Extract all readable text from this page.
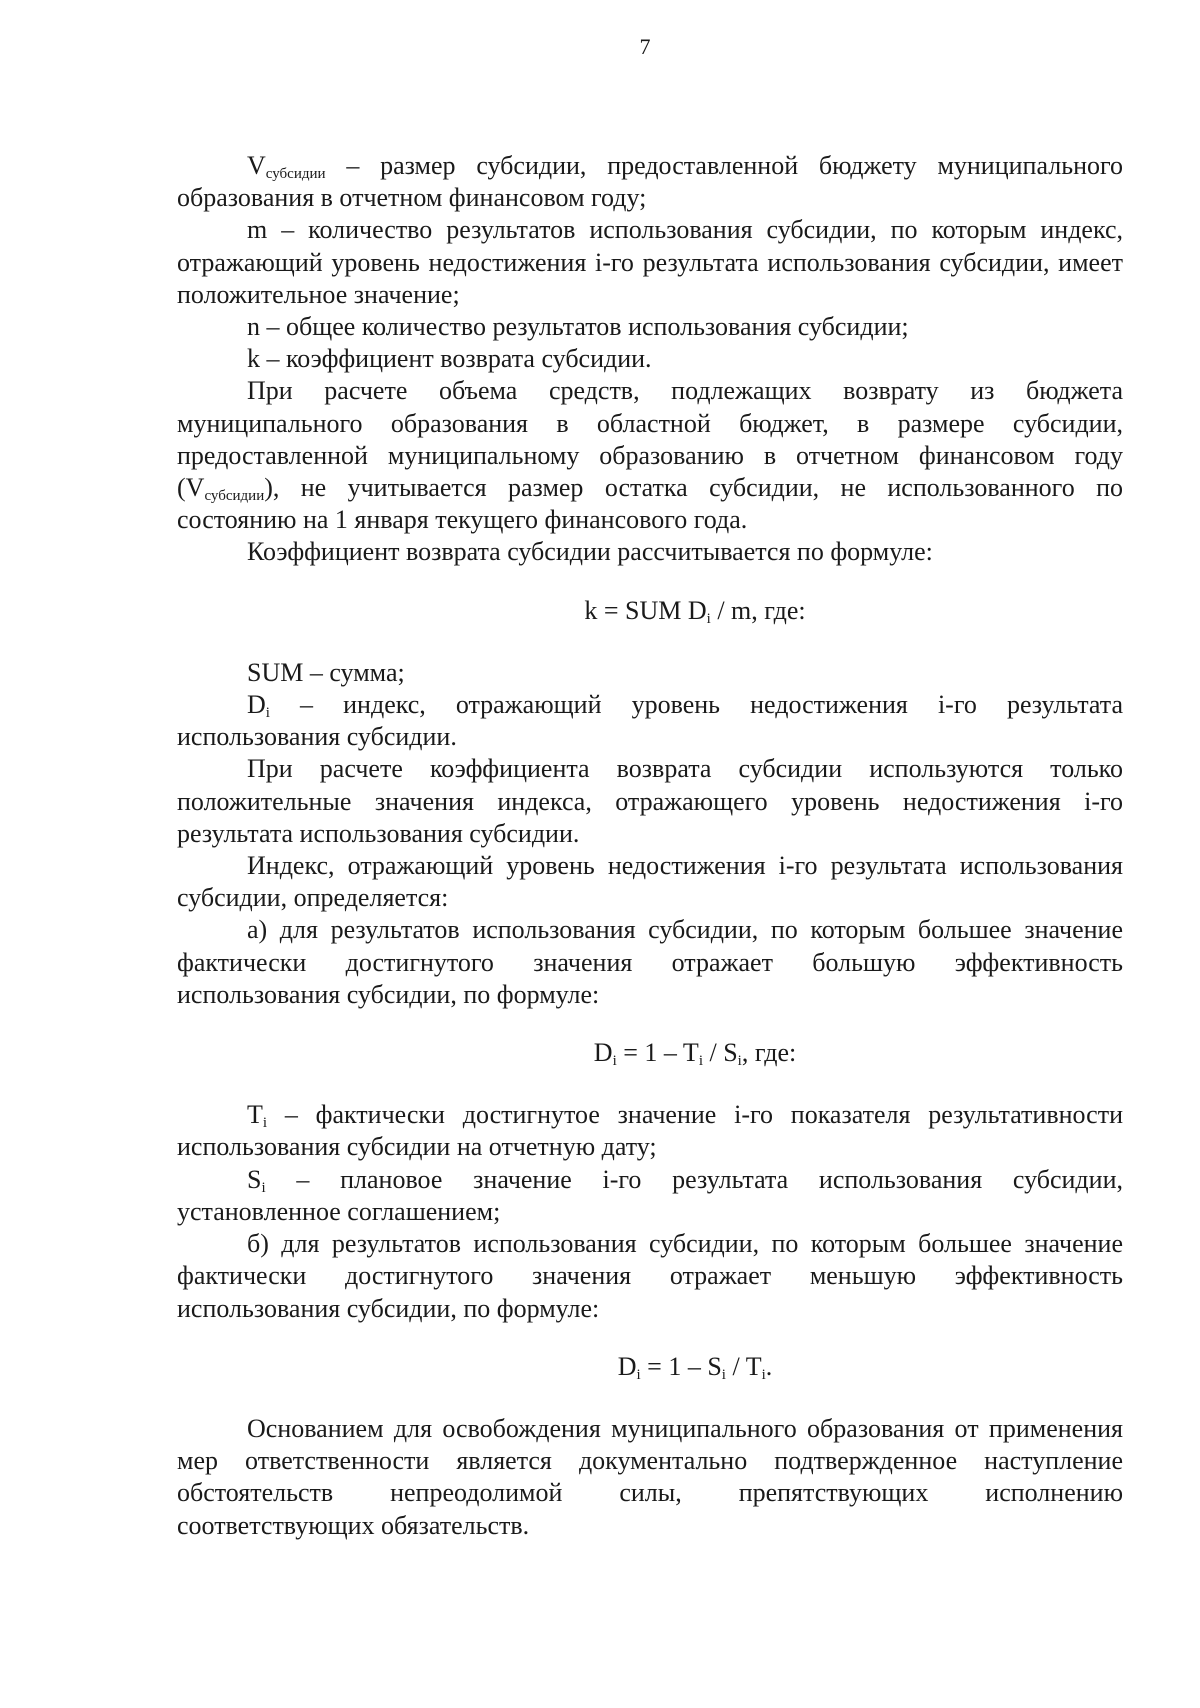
7

$V_{субсидии}$ – размер субсидии, предоставленной бюджету муниципального образования в отчетном финансовом году;

m – количество результатов использования субсидии, по которым индекс, отражающий уровень недостижения i-го результата использования субсидии, имеет положительное значение;

n – общее количество результатов использования субсидии;

k – коэффициент возврата субсидии.

При расчете объема средств, подлежащих возврату из бюджета муниципального образования в областной бюджет, в размере субсидии, предоставленной муниципальному образованию в отчетном финансовом году $(V_{субсидии})$, не учитывается размер остатка субсидии, не использованного по состоянию на 1 января текущего финансового года.

Коэффициент возврата субсидии рассчитывается по формуле:

k = SUM $D_i$ / m, где:

SUM – сумма;

$D_i$ – индекс, отражающий уровень недостижения i-го результата использования субсидии.

При расчете коэффициента возврата субсидии используются только положительные значения индекса, отражающего уровень недостижения i-го результата использования субсидии.

Индекс, отражающий уровень недостижения i-го результата использования субсидии, определяется:

а) для результатов использования субсидии, по которым большее значение фактически достигнутого значения отражает большую эффективность использования субсидии, по формуле:

$D_i = 1 - T_i / S_i$, где:

$T_i$ – фактически достигнутое значение i-го показателя результативности использования субсидии на отчетную дату;

$S_i$ – плановое значение i-го результата использования субсидии, установленное соглашением;

б) для результатов использования субсидии, по которым большее значение фактически достигнутого значения отражает меньшую эффективность использования субсидии, по формуле:

$D_i = 1 - S_i / T_i$.

Основанием для освобождения муниципального образования от применения мер ответственности является документально подтвержденное наступление обстоятельств непреодолимой силы, препятствующих исполнению соответствующих обязательств.
